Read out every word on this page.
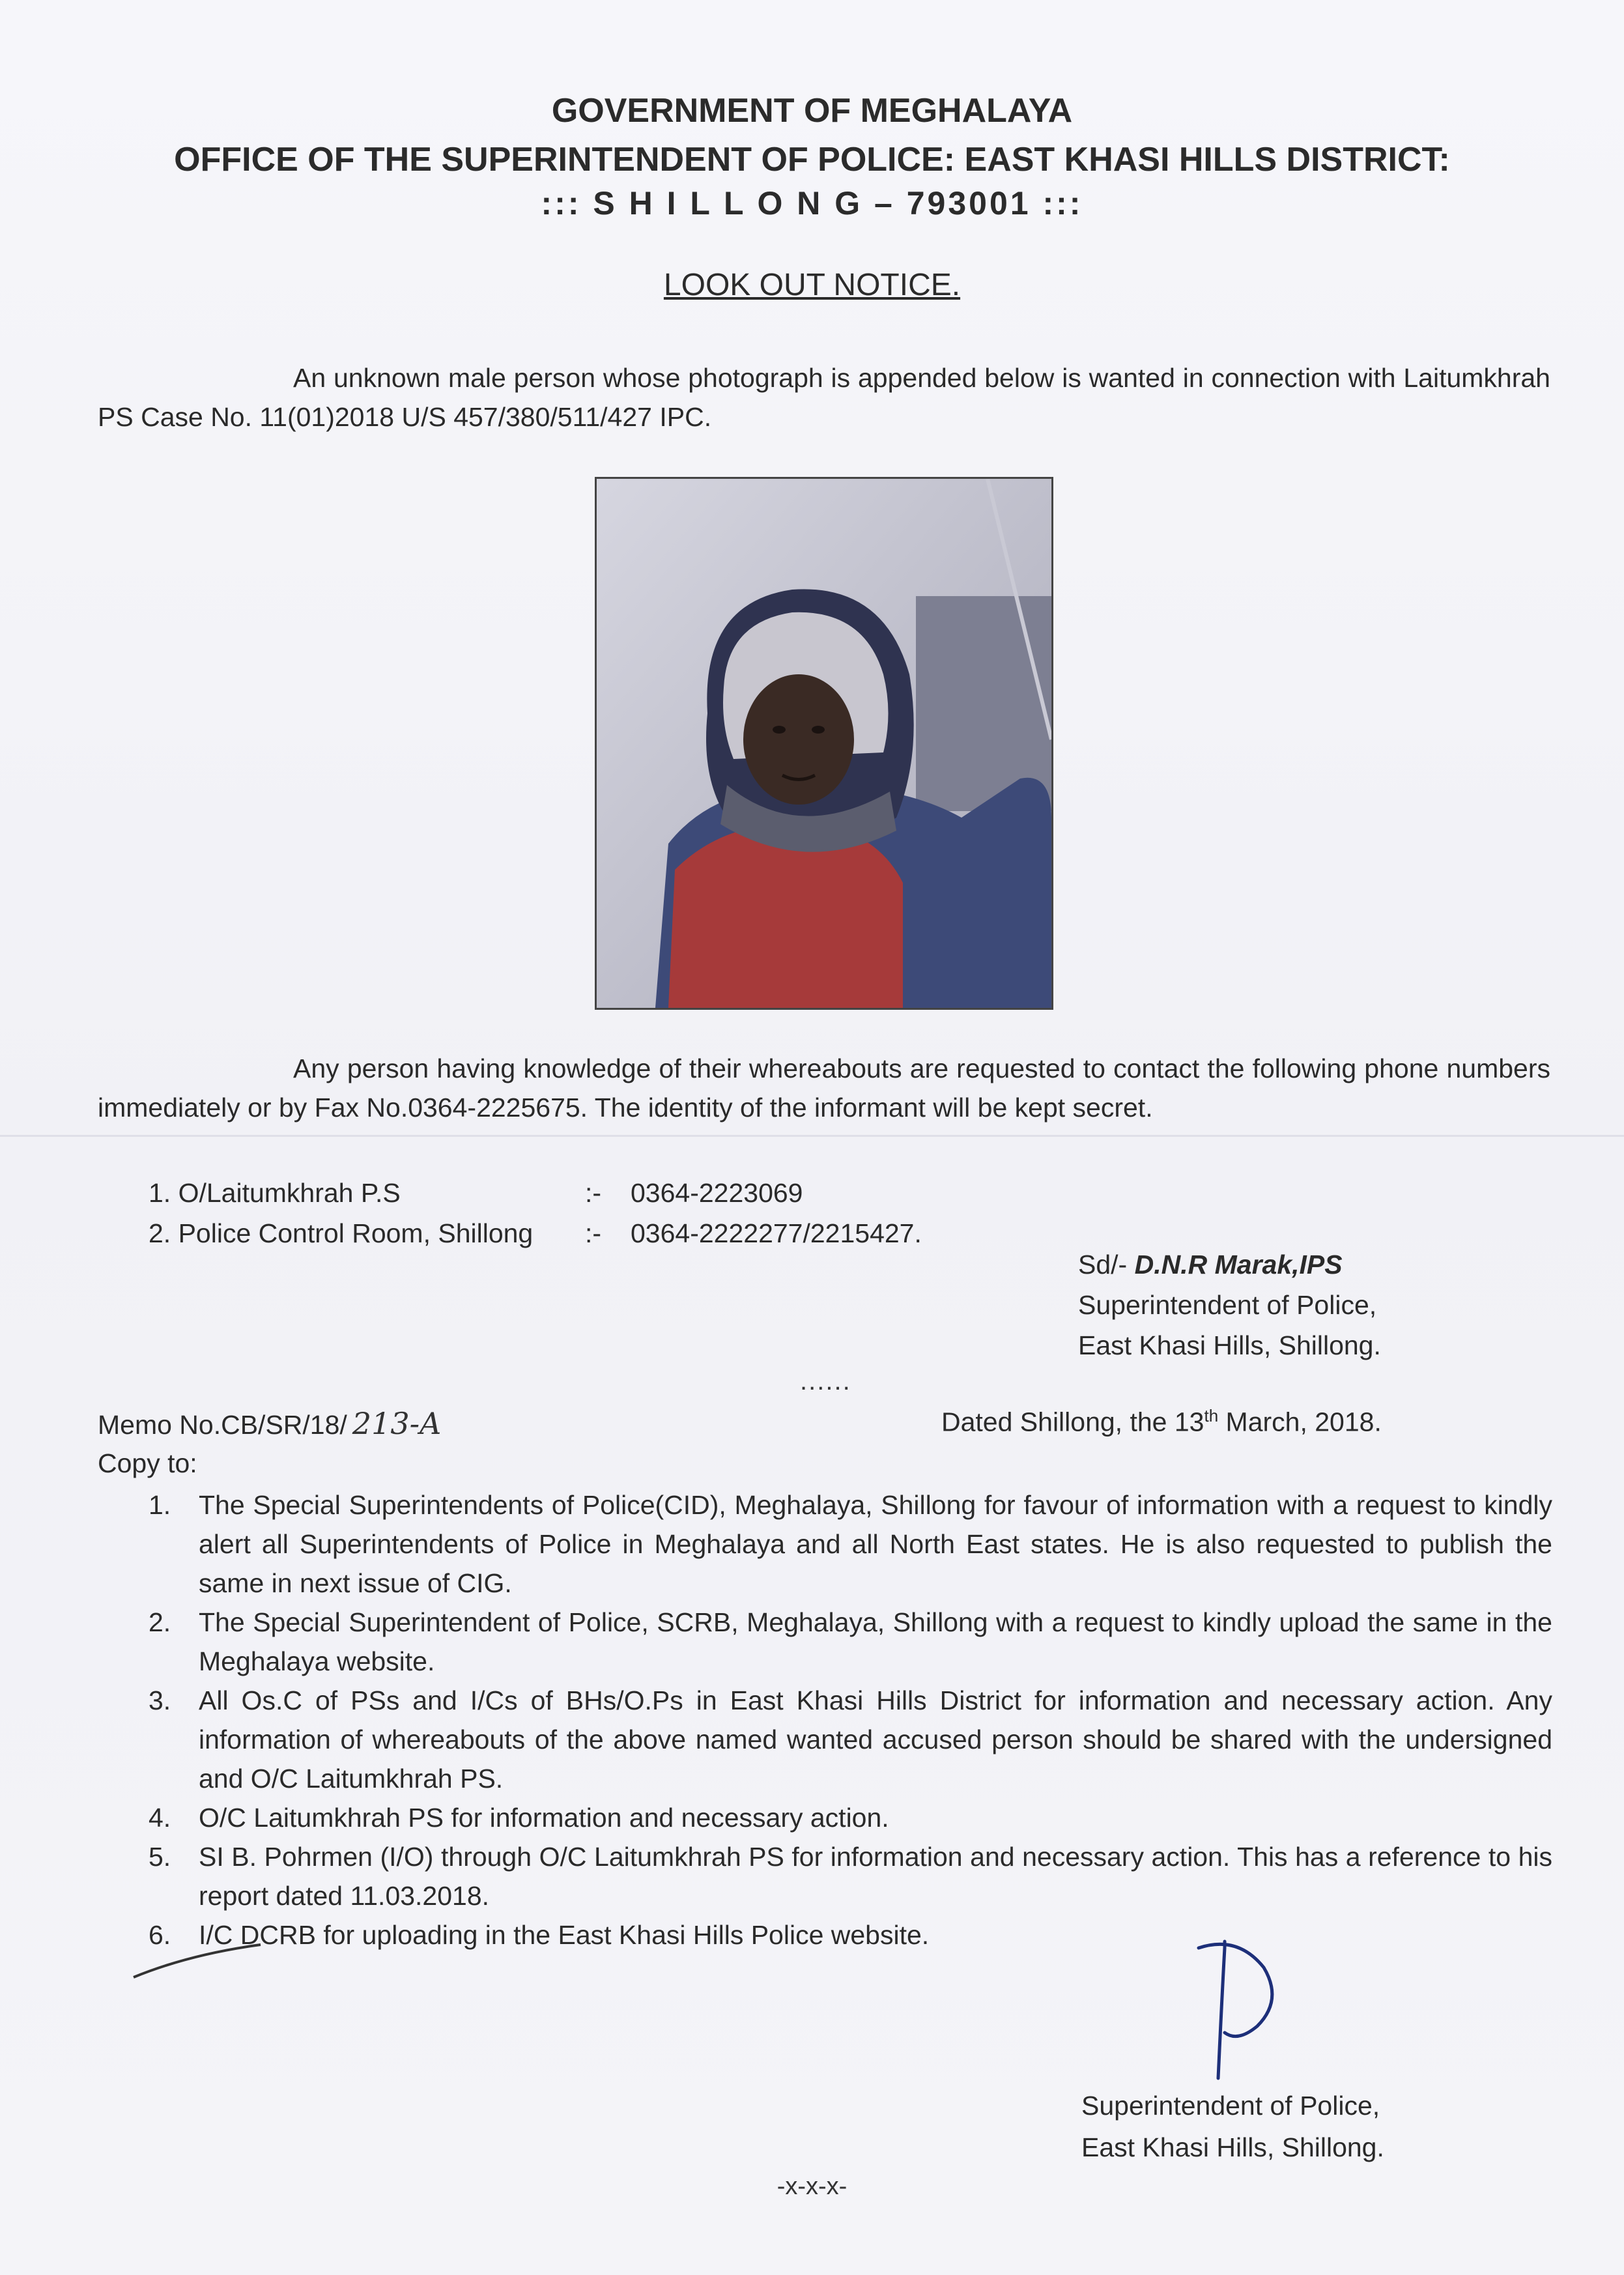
GOVERNMENT OF MEGHALAYA
OFFICE OF THE SUPERINTENDENT OF POLICE: EAST KHASI HILLS DISTRICT:
::: S H I L L O N G – 793001 :::
LOOK OUT NOTICE.
An unknown male person whose photograph is appended below is wanted in connection with Laitumkhrah PS Case No. 11(01)2018 U/S 457/380/511/427 IPC.
Any person having knowledge of their whereabouts are requested to contact the following phone numbers immediately or by Fax No.0364-2225675. The identity of the informant will be kept secret.
1. O/Laitumkhrah P.S	:-	0364-2223069
2. Police Control Room, Shillong	:-	0364-2222277/2215427.
Sd/- D.N.R Marak,IPS
Superintendent of Police,
East Khasi Hills, Shillong.
......
Memo No.CB/SR/18/ 213-A	Dated Shillong, the 13th March, 2018.
Copy to:
1.	The Special Superintendents of Police(CID), Meghalaya, Shillong for favour of information with a request to kindly alert all Superintendents of Police in Meghalaya and all North East states. He is also requested to publish the same in next issue of CIG.
2.	The Special Superintendent of Police, SCRB, Meghalaya, Shillong with a request to kindly upload the same in the Meghalaya website.
3.	All Os.C of PSs and I/Cs of BHs/O.Ps in East Khasi Hills District for information and necessary action. Any information of whereabouts of the above named wanted accused person should be shared with the undersigned and O/C Laitumkhrah PS.
4.	O/C Laitumkhrah PS for information and necessary action.
5.	SI B. Pohrmen (I/O) through O/C Laitumkhrah PS for information and necessary action. This has a reference to his report dated 11.03.2018.
6.	I/C DCRB for uploading in the East Khasi Hills Police website.
Superintendent of Police,
East Khasi Hills, Shillong.
-x-x-x-
